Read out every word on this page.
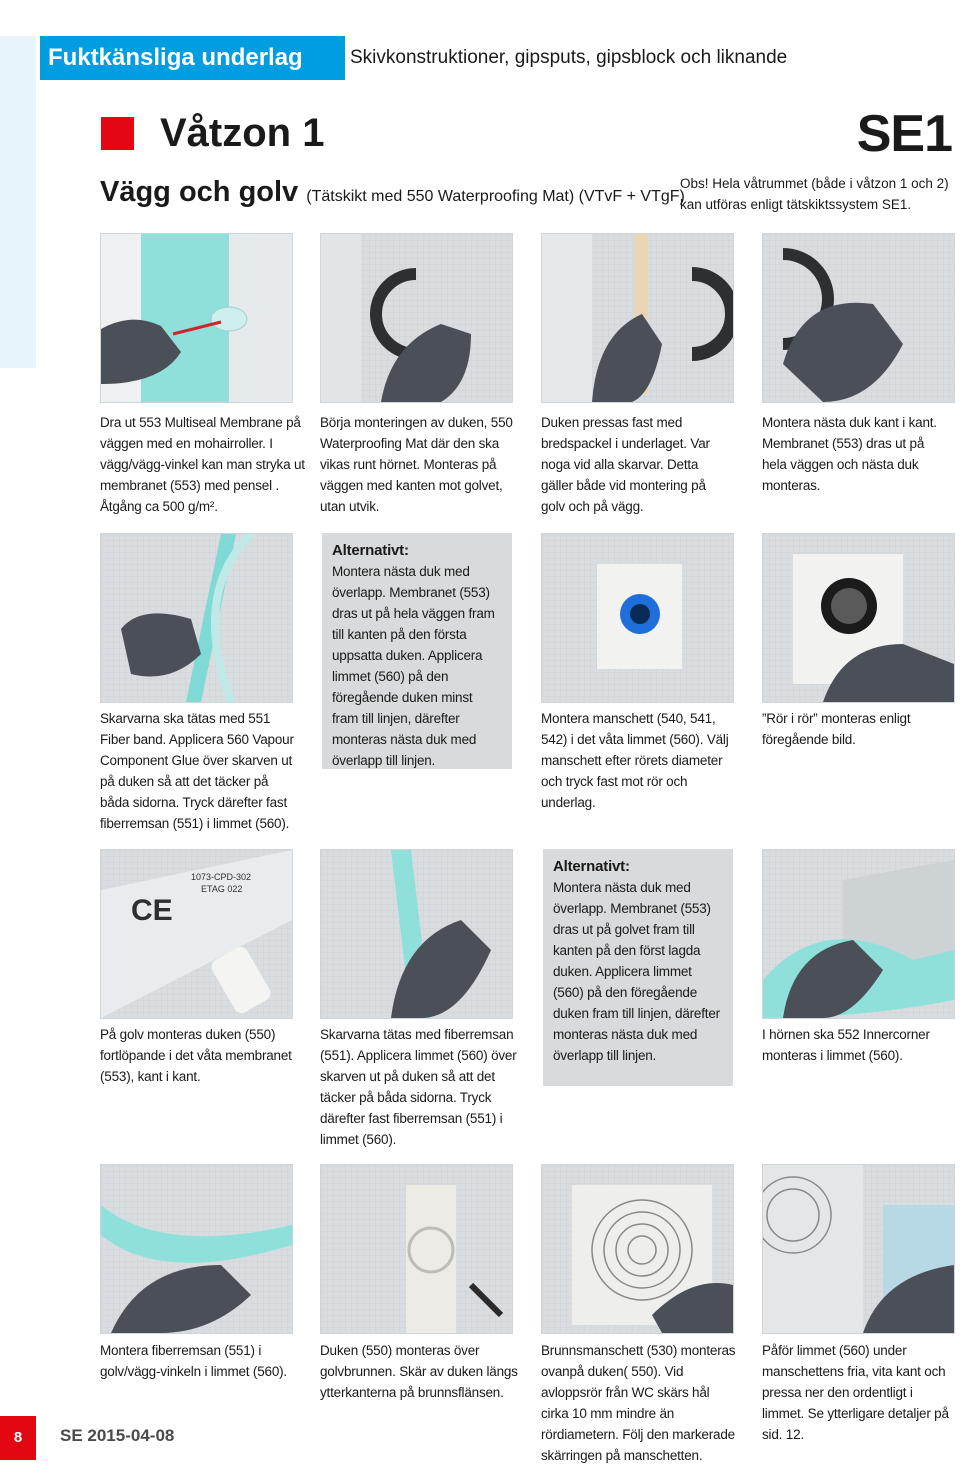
Fuktkänsliga underlag	Skivkonstruktioner, gipsputs, gipsblock och liknande
Våtzon 1	SE1
Vägg och golv (Tätskikt med 550 Waterproofing Mat) (VTvF + VTgF)
Obs! Hela våtrummet (både i våtzon 1 och 2) kan utföras enligt tätskiktssystem SE1.
Dra ut 553 Multiseal Membrane på väggen med en mohairroller. I vägg/vägg-vinkel kan man stryka ut membranet (553) med pensel . Åtgång ca 500 g/m².
Börja monteringen av duken, 550 Waterproofing Mat där den ska vikas runt hörnet. Monteras på väggen med kanten mot golvet, utan utvik.
Duken pressas fast med bredspackel i underlaget. Var noga vid alla skarvar. Detta gäller både vid montering på golv och på vägg.
Montera nästa duk kant i kant. Membranet (553) dras ut på hela väggen och nästa duk monteras.
Skarvarna ska tätas med 551 Fiber band. Applicera 560 Vapour Component Glue över skarven ut på duken så att det täcker på båda sidorna. Tryck därefter fast fiberremsan (551) i limmet (560).
Alternativt:
Montera nästa duk med överlapp. Membranet (553) dras ut på hela väggen fram till kanten på den första uppsatta duken. Applicera limmet (560) på den föregående duken minst fram till linjen, därefter monteras nästa duk med överlapp till linjen.
Montera manschett (540, 541, 542) i det våta limmet (560). Välj manschett efter rörets diameter och tryck fast mot rör och underlag.
”Rör i rör” monteras enligt föregående bild.
CE
1073-CPD-302
ETAG 022
På golv monteras duken (550) fortlöpande i det våta membranet (553), kant i kant.
Skarvarna tätas med fiberremsan (551). Applicera limmet (560) över skarven ut på duken så att det täcker på båda sidorna. Tryck därefter fast fiberremsan (551) i limmet (560).
Alternativt:
Montera nästa duk med överlapp. Membranet (553) dras ut på golvet fram till kanten på den först lagda duken. Applicera limmet (560) på den föregående duken fram till linjen, därefter monteras nästa duk med överlapp till linjen.
I hörnen ska 552 Innercorner monteras i limmet (560).
Montera fiberremsan (551) i golv/vägg-vinkeln i limmet (560).
Duken (550) monteras över golvbrunnen. Skär av duken längs ytterkanterna på brunnsflänsen.
Brunnsmanschett (530) monteras ovanpå duken( 550). Vid avloppsrör från WC skärs hål cirka 10 mm mindre än rördiametern. Följ den markerade skärringen på manschetten.
Påför limmet (560) under manschettens fria, vita kant och pressa ner den ordentligt i limmet. Se ytterligare detaljer på sid. 12.
8	SE 2015-04-08
